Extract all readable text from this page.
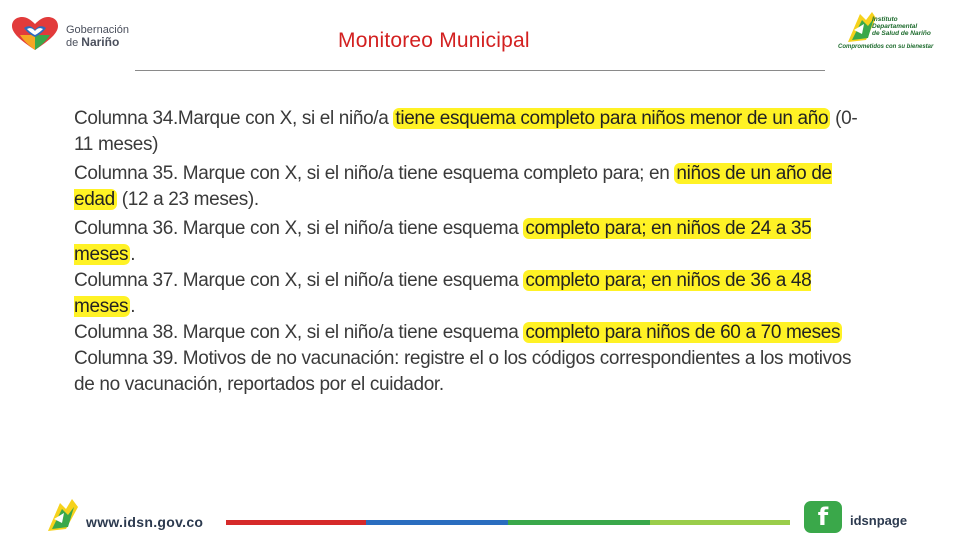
Gobernación
de Nariño	Monitoreo Municipal
Instituto
Departamental
de Salud de Nariño
Comprometidos con su bienestar

Columna 34.Marque con X, si el niño/a tiene esquema completo para niños menor de un año (0-11 meses)

Columna 35. Marque con X, si el niño/a tiene esquema completo para; en niños de un año de edad (12 a 23 meses).

Columna 36. Marque con X, si el niño/a tiene esquema completo para; en niños de 24 a 35 meses .

Columna 37. Marque con X, si el niño/a tiene esquema completo para; en niños de 36 a 48 meses .

Columna 38. Marque con X, si el niño/a tiene esquema completo para niños de 60 a 70 meses

Columna 39. Motivos de no vacunación: registre el o los códigos correspondientes a los motivos de no vacunación, reportados por el cuidador.

www.idsn.gov.co	f	idsnpage
